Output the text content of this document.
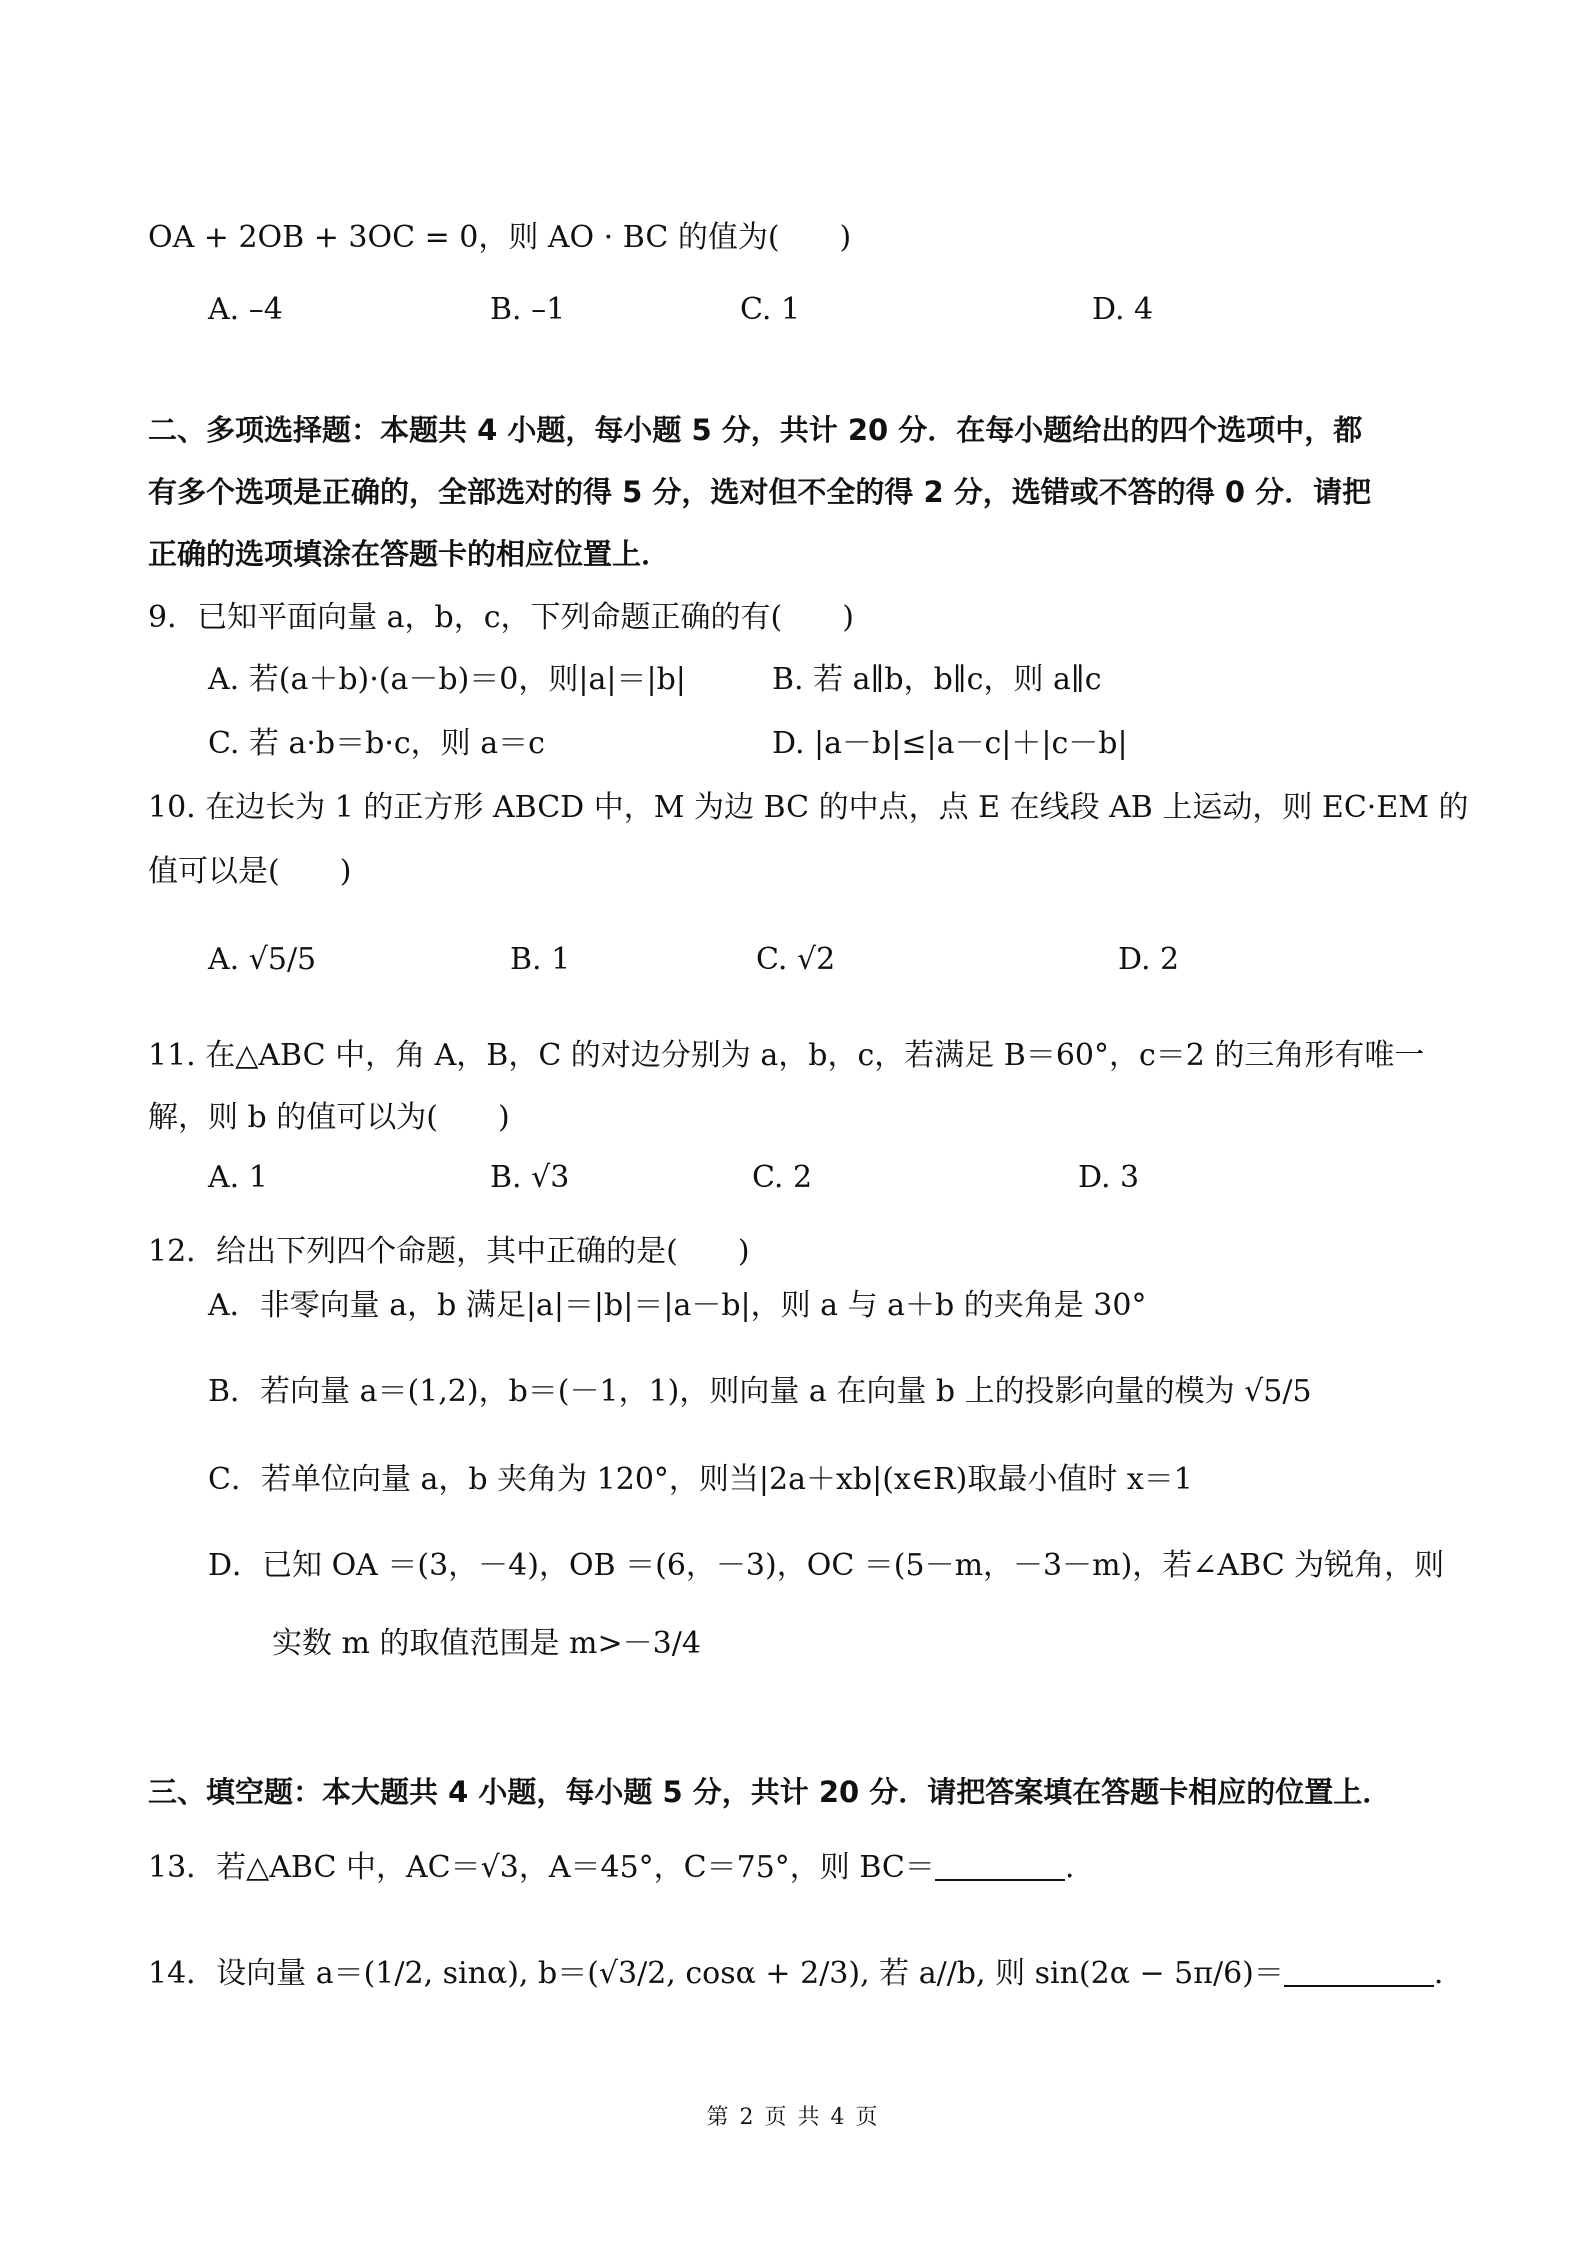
OA + 2OB + 3OC = 0，则 AO · BC 的值为(　　)
A. –4	B. –1	C. 1	D. 4
二、多项选择题：本题共 4 小题，每小题 5 分，共计 20 分．在每小题给出的四个选项中，都
有多个选项是正确的，全部选对的得 5 分，选对但不全的得 2 分，选错或不答的得 0 分．请把
正确的选项填涂在答题卡的相应位置上．
9．已知平面向量 a，b，c，下列命题正确的有(　　)
A. 若(a＋b)·(a－b)＝0，则|a|＝|b|	B. 若 a∥b，b∥c，则 a∥c
C. 若 a·b＝b·c，则 a＝c	D. |a－b|≤|a－c|＋|c－b|
10. 在边长为 1 的正方形 ABCD 中，M 为边 BC 的中点，点 E 在线段 AB 上运动，则 EC·EM 的
值可以是(　　)
A. √5/5	B. 1	C. √2	D. 2
11. 在△ABC 中，角 A，B，C 的对边分别为 a，b，c，若满足 B＝60°，c＝2 的三角形有唯一
解，则 b 的值可以为(　　)
A. 1	B. √3	C. 2	D. 3
12．给出下列四个命题，其中正确的是(　　)
A．非零向量 a，b 满足|a|＝|b|＝|a－b|，则 a 与 a＋b 的夹角是 30°
B．若向量 a＝(1,2)，b＝(－1，1)，则向量 a 在向量 b 上的投影向量的模为 √5/5
C．若单位向量 a，b 夹角为 120°，则当|2a＋xb|(x∈R)取最小值时 x＝1
D．已知 OA ＝(3，－4)，OB ＝(6，－3)，OC ＝(5－m，－3－m)，若∠ABC 为锐角，则
实数 m 的取值范围是 m>－3/4
三、填空题：本大题共 4 小题，每小题 5 分，共计 20 分．请把答案填在答题卡相应的位置上．
13．若△ABC 中，AC＝√3，A＝45°，C＝75°，则 BC＝	.
14．设向量 a＝(1/2, sinα), b＝(√3/2, cosα + 2/3), 若 a//b, 则 sin(2α − 5π/6)＝	.
第 2 页 共 4 页
